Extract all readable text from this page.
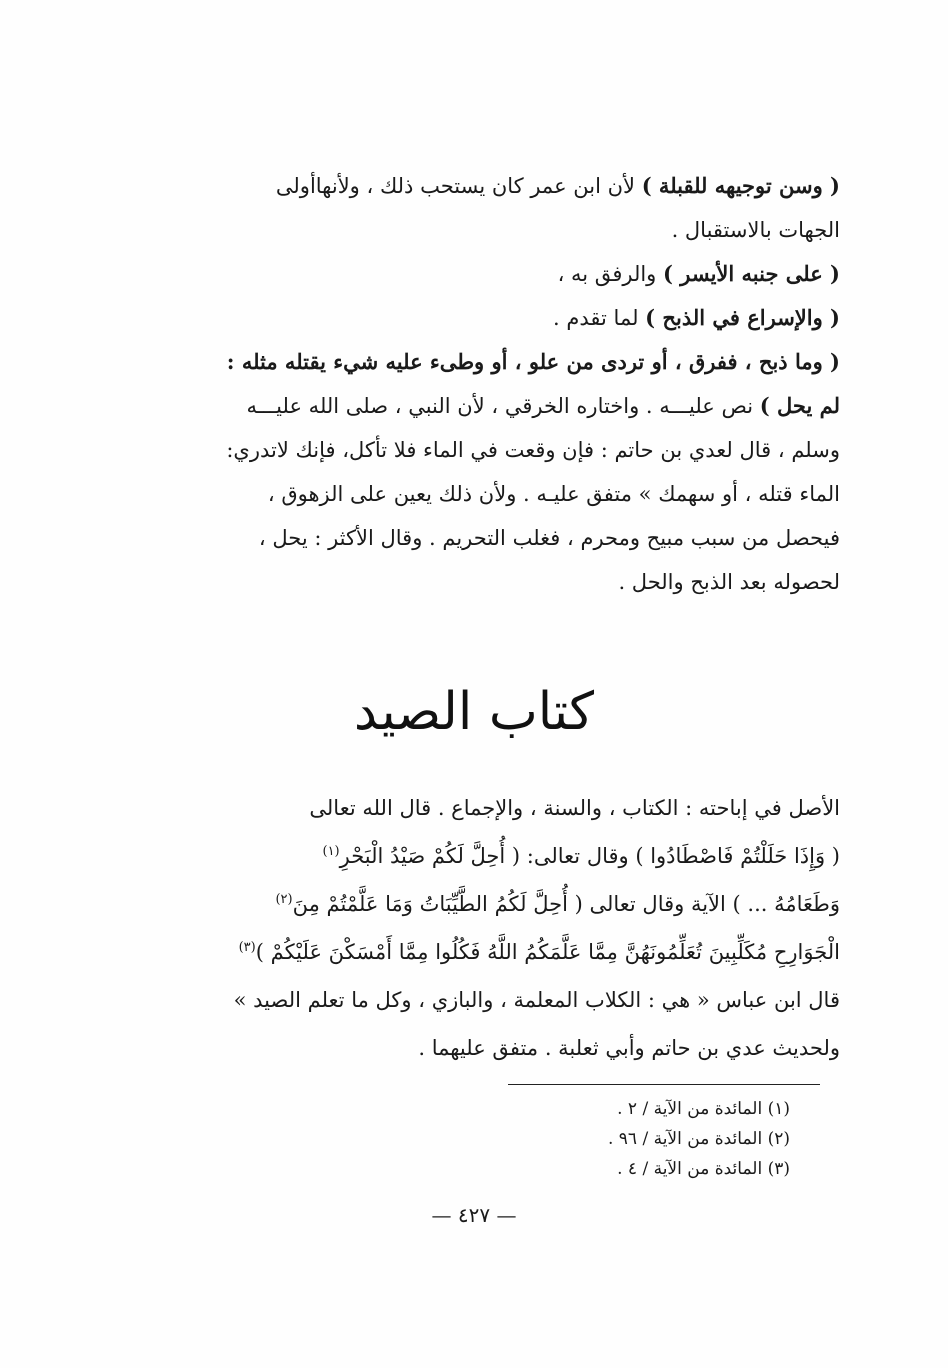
( وسن توجيهه للقبلة ) لأن ابن عمر كان يستحب ذلك ، ولأنهاأولى
الجهات بالاستقبال .
( على جنبه الأيسر ) والرفق به ،
( والإسراع في الذبح ) لما تقدم .
( وما ذبح ، ففرق ، أو تردى من علو ، أو وطىء عليه شيء يقتله مثله :
لم يحل ) نص عليـــه . واختاره الخرقي ، لأن النبي ، صلى الله عليـــه
وسلم ، قال لعدي بن حاتم : فإن وقعت في الماء فلا تأكل، فإنك لاتدري:
الماء قتله ، أو سهمك » متفق عليـه . ولأن ذلك يعين على الزهوق ،
فيحصل من سبب مبيح ومحرم ، فغلب التحريم . وقال الأكثر : يحل ،
لحصوله بعد الذبح والحل .
كتاب الصيد
الأصل في إباحته : الكتاب ، والسنة ، والإجماع . قال الله تعالى
( وَإِذَا حَلَلْتُمْ فَاصْطَادُوا ) وقال تعالى: ( أُحِلَّ لَكُمْ صَيْدُ الْبَحْرِ$^{(١)}$
وَطَعَامُهُ ... ) الآية وقال تعالى ( أُحِلَّ لَكُمُ الطَّيِّبَاتُ وَمَا عَلَّمْتُمْ مِنَ$^{(٢)}$
الْجَوَارِحِ مُكَلِّبِينَ تُعَلِّمُونَهُنَّ مِمَّا عَلَّمَكُمُ اللَّهُ فَكُلُوا مِمَّا أَمْسَكْنَ عَلَيْكُمْ )$^{(٣)}$
قال ابن عباس « هي : الكلاب المعلمة ، والبازي ، وكل ما تعلم الصيد »
ولحديث عدي بن حاتم وأبي ثعلبة . متفق عليهما .
(١) المائدة من الآية / ٢ .
(٢) المائدة من الآية / ٩٦ .
(٣) المائدة من الآية / ٤ .
— ٤٢٧ —
